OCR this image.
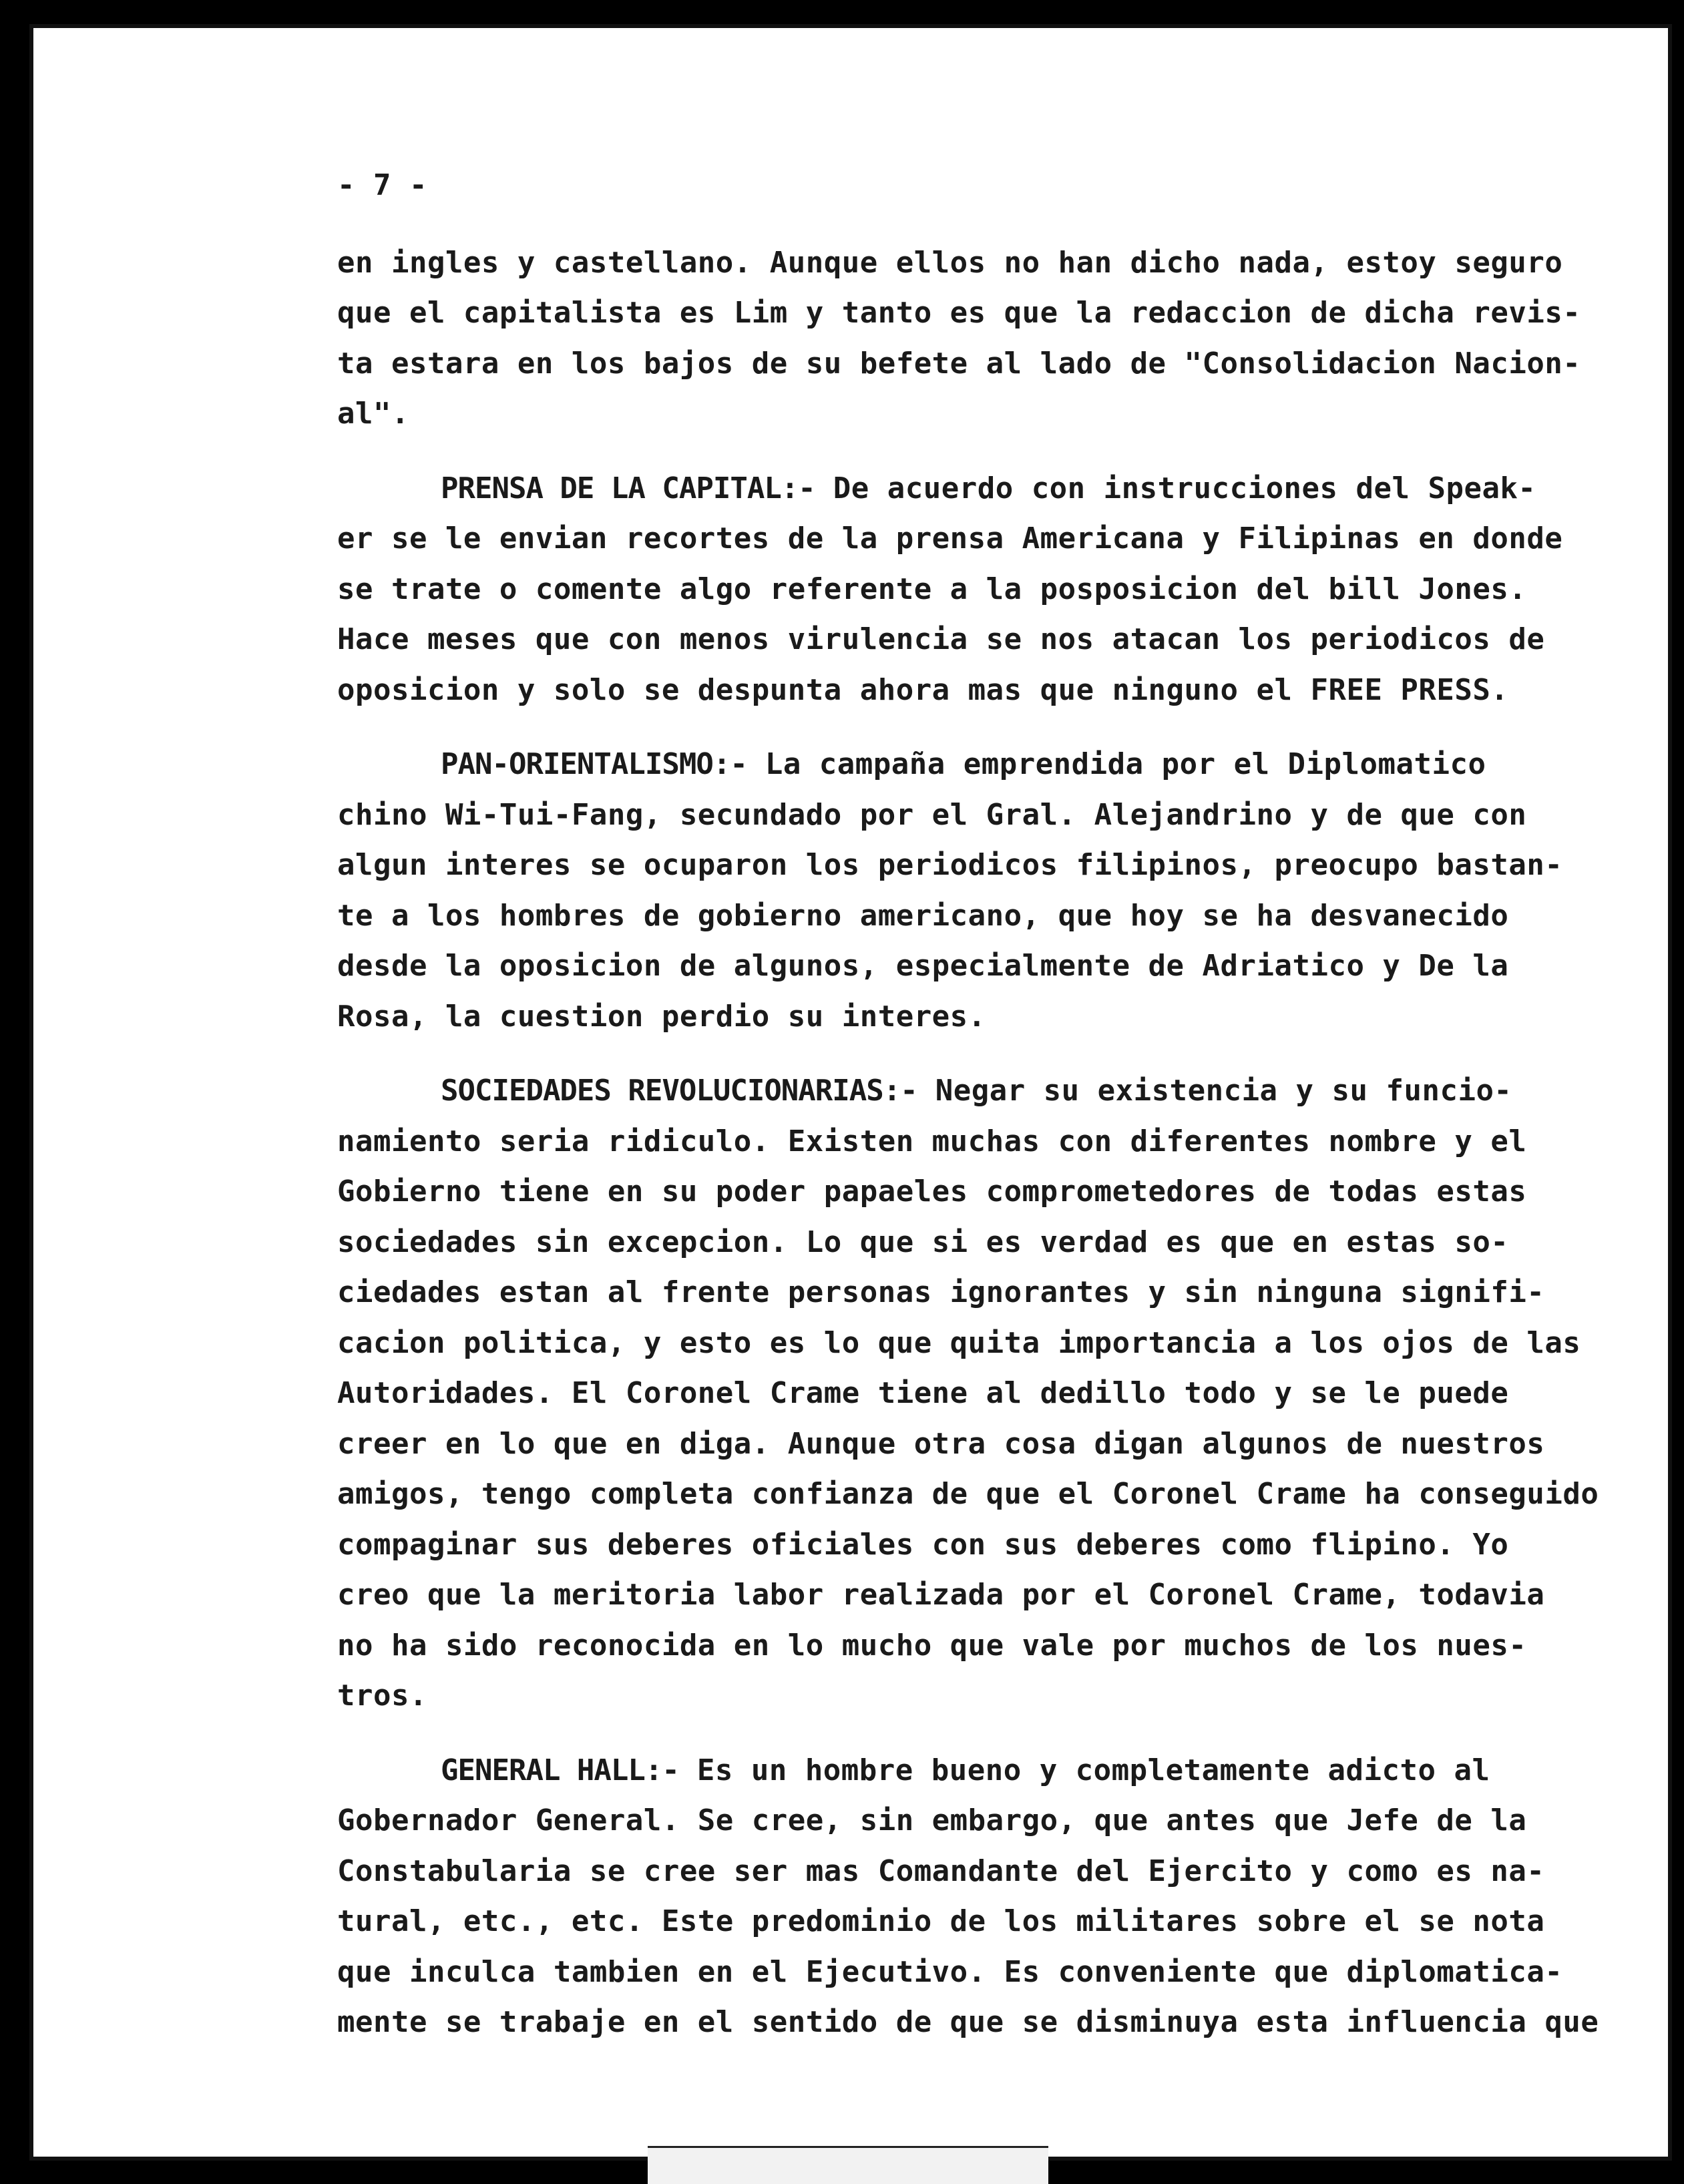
- 7 -
en ingles y castellano. Aunque ellos no han dicho nada, estoy seguro
que el capitalista es Lim y tanto es que la redaccion de dicha revis-
ta estara en los bajos de su befete al lado de "Consolidacion Nacion-
al".
PRENSA DE LA CAPITAL:- De acuerdo con instrucciones del Speak-
er se le envian recortes de la prensa Americana y Filipinas en donde
se trate o comente algo referente a la posposicion del bill Jones.
Hace meses que con menos virulencia se nos atacan los periodicos de
oposicion y solo se despunta ahora mas que ninguno el FREE PRESS.
PAN-ORIENTALISMO:- La campaña emprendida por el Diplomatico
chino Wi-Tui-Fang, secundado por el Gral. Alejandrino y de que con
algun interes se ocuparon los periodicos filipinos, preocupo bastan-
te a los hombres de gobierno americano, que hoy se ha desvanecido
desde la oposicion de algunos, especialmente de Adriatico y De la
Rosa, la cuestion perdio su interes.
SOCIEDADES REVOLUCIONARIAS:- Negar su existencia y su funcio-
namiento seria ridiculo. Existen muchas con diferentes nombre y el
Gobierno tiene en su poder papaeles comprometedores de todas estas
sociedades sin excepcion. Lo que si es verdad es que en estas so-
ciedades estan al frente personas ignorantes y sin ninguna signifi-
cacion politica, y esto es lo que quita importancia a los ojos de las
Autoridades. El Coronel Crame tiene al dedillo todo y se le puede
creer en lo que en diga. Aunque otra cosa digan algunos de nuestros
amigos, tengo completa confianza de que el Coronel Crame ha conseguido
compaginar sus deberes oficiales con sus deberes como flipino. Yo
creo que la meritoria labor realizada por el Coronel Crame, todavia
no ha sido reconocida en lo mucho que vale por muchos de los nues-
tros.
GENERAL HALL:- Es un hombre bueno y completamente adicto al
Gobernador General. Se cree, sin embargo, que antes que Jefe de la
Constabularia se cree ser mas Comandante del Ejercito y como es na-
tural, etc., etc. Este predominio de los militares sobre el se nota
que inculca tambien en el Ejecutivo. Es conveniente que diplomatica-
mente se trabaje en el sentido de que se disminuya esta influencia que
